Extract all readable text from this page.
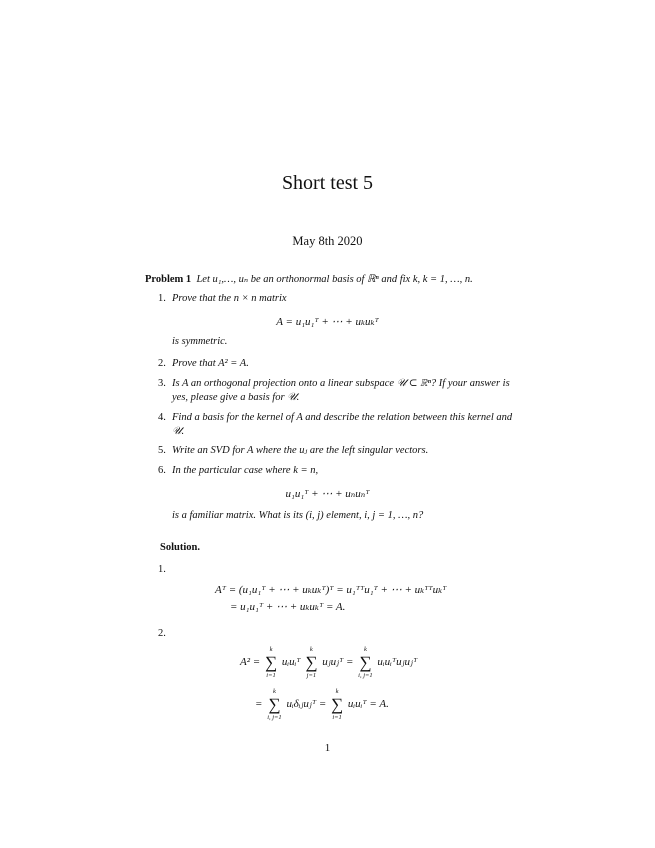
Short test 5
May 8th 2020
Problem 1 Let u₁,…, uₙ be an orthonormal basis of ℝⁿ and fix k, k = 1, …, n.
1. Prove that the n × n matrix
A = u₁u₁ᵀ + ⋯ + uₖuₖᵀ
is symmetric.
2. Prove that A² = A.
3. Is A an orthogonal projection onto a linear subspace 𝒰 ⊂ ℝⁿ? If your answer is yes, please give a basis for 𝒰.
4. Find a basis for the kernel of A and describe the relation between this kernel and 𝒰.
5. Write an SVD for A where the uⱼ are the left singular vectors.
6. In the particular case where k = n,
u₁u₁ᵀ + ⋯ + uₙuₙᵀ
is a familiar matrix. What is its (i, j) element, i, j = 1, …, n?
Solution.
1.
Aᵀ = (u₁u₁ᵀ + ⋯ + uₖuₖᵀ)ᵀ = u₁ᵀᵀu₁ᵀ + ⋯ + uₖᵀᵀuₖᵀ
= u₁u₁ᵀ + ⋯ + uₖuₖᵀ = A.
2.
A² =
k
∑
i=1
uᵢuᵢᵀ
k
∑
j=1
uⱼuⱼᵀ =
k
∑
i, j=1
uᵢuᵢᵀuⱼuⱼᵀ
=
k
∑
i, j=1
uᵢδᵢⱼuⱼᵀ =
k
∑
i=1
uᵢuᵢᵀ = A.
1
